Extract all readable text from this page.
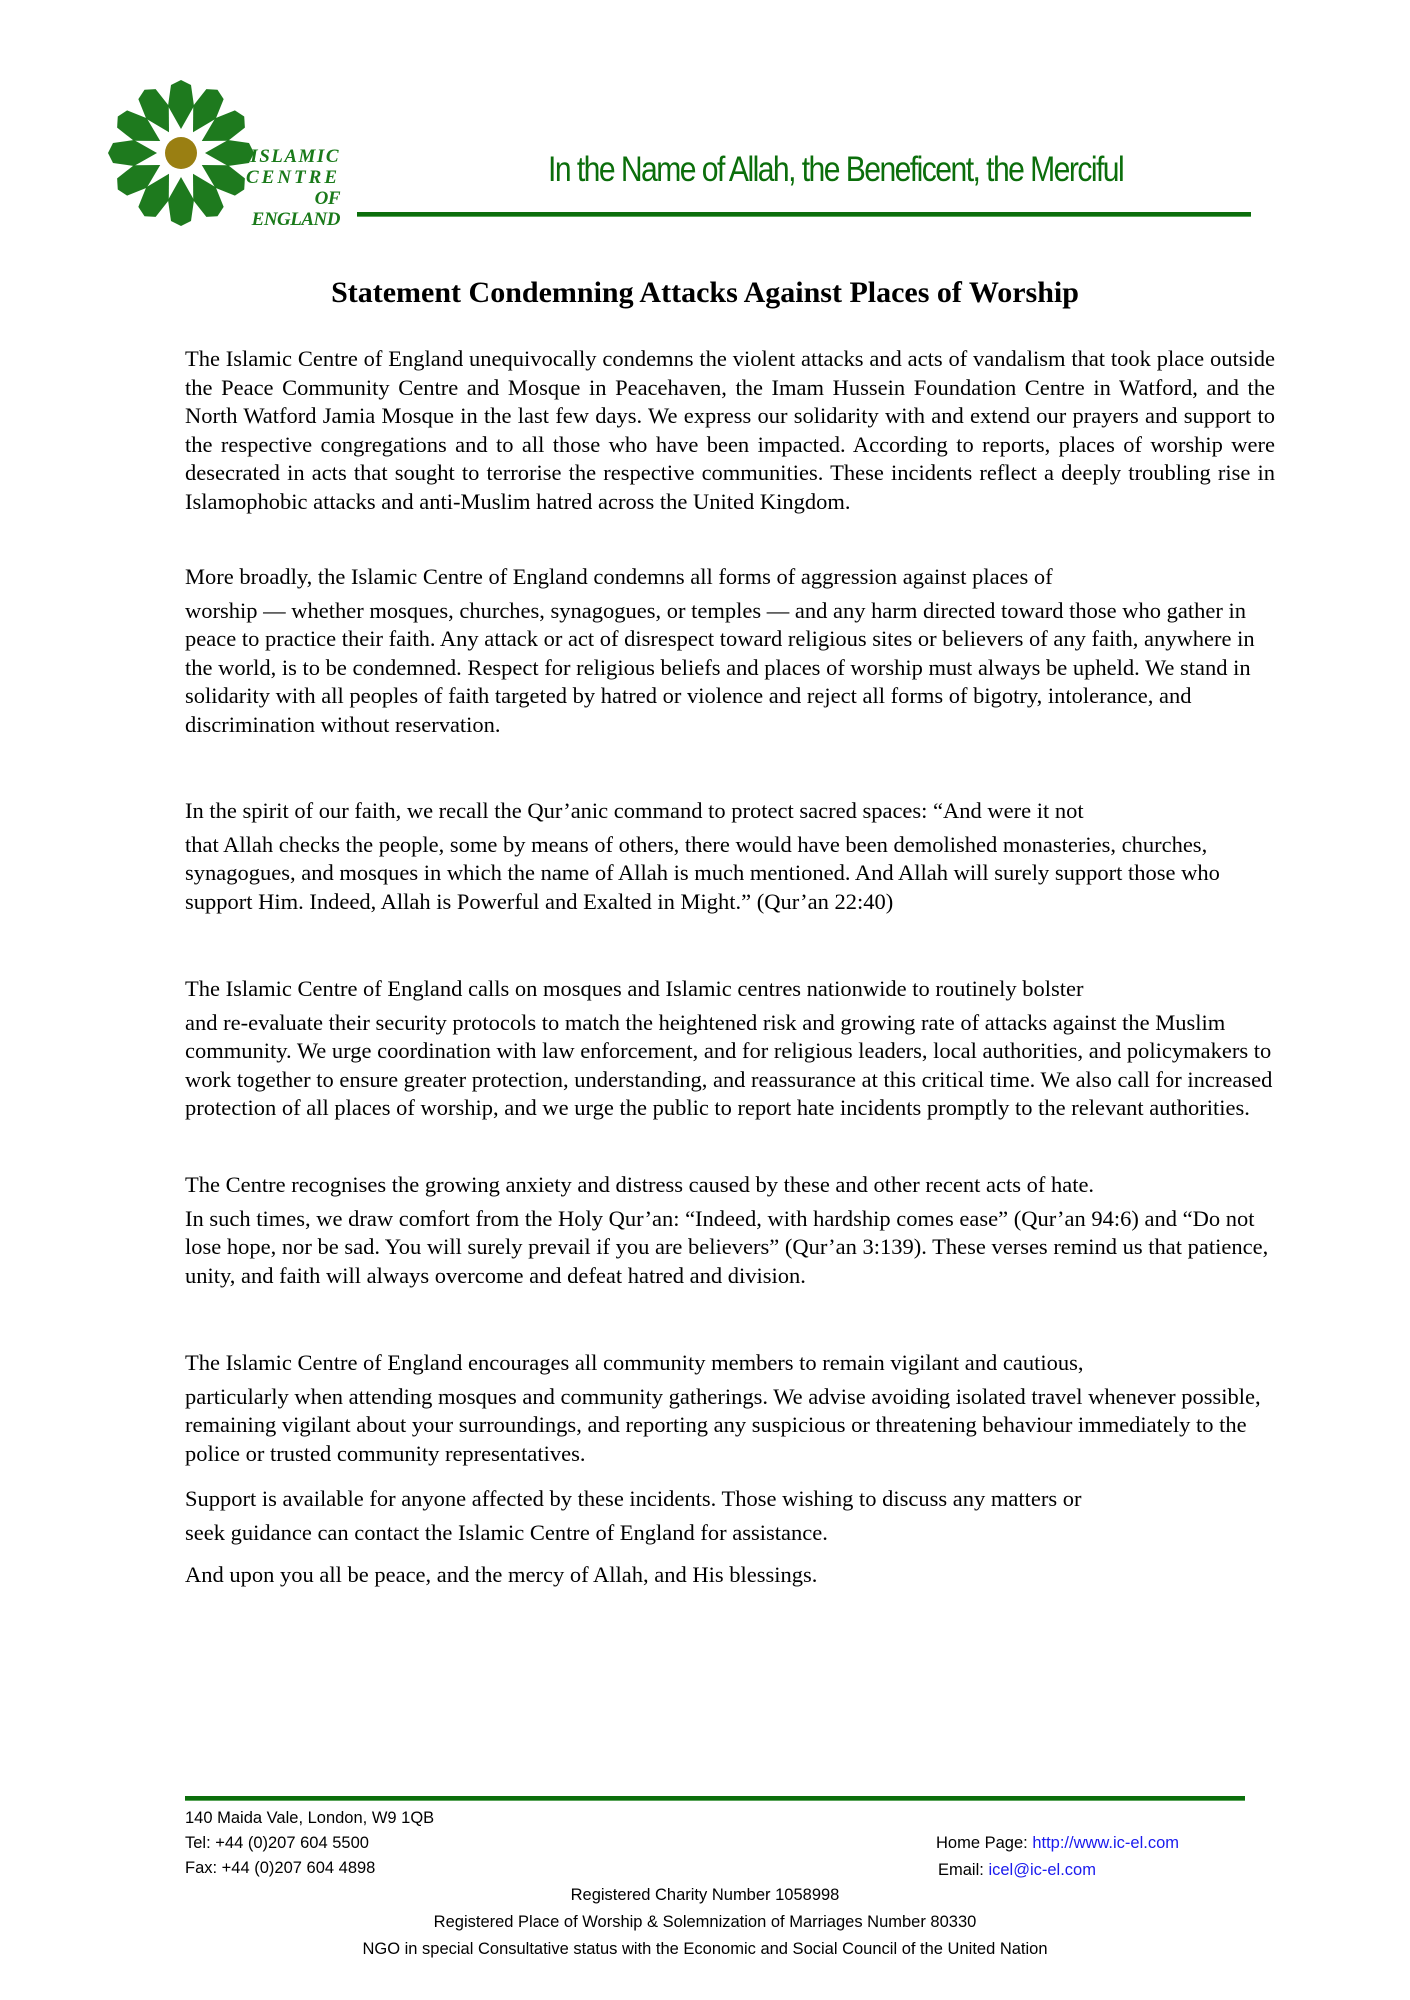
ISLAMIC
CENTRE
OF ENGLAND
In the Name of Allah, the Beneficent, the Merciful
Statement Condemning Attacks Against Places of Worship

The Islamic Centre of England unequivocally condemns the violent attacks and acts of vandalism that took place outside the Peace Community Centre and Mosque in Peacehaven, the Imam Hussein Foundation Centre in Watford, and the North Watford Jamia Mosque in the last few days. We express our solidarity with and extend our prayers and support to the respective congregations and to all those who have been impacted. According to reports, places of worship were desecrated in acts that sought to terrorise the respective communities. These incidents reflect a deeply troubling rise in Islamophobic attacks and anti-Muslim hatred across the United Kingdom.

More broadly, the Islamic Centre of England condemns all forms of aggression against places of

worship — whether mosques, churches, synagogues, or temples — and any harm directed toward those who gather in peace to practice their faith. Any attack or act of disrespect toward religious sites or believers of any faith, anywhere in the world, is to be condemned. Respect for religious beliefs and places of worship must always be upheld. We stand in solidarity with all peoples of faith targeted by hatred or violence and reject all forms of bigotry, intolerance, and discrimination without reservation.

In the spirit of our faith, we recall the Qur’anic command to protect sacred spaces: “And were it not

that Allah checks the people, some by means of others, there would have been demolished monasteries, churches, synagogues, and mosques in which the name of Allah is much mentioned. And Allah will surely support those who support Him. Indeed, Allah is Powerful and Exalted in Might.” (Qur’an 22:40)

The Islamic Centre of England calls on mosques and Islamic centres nationwide to routinely bolster

and re-evaluate their security protocols to match the heightened risk and growing rate of attacks against the Muslim community. We urge coordination with law enforcement, and for religious leaders, local authorities, and policymakers to work together to ensure greater protection, understanding, and reassurance at this critical time. We also call for increased protection of all places of worship, and we urge the public to report hate incidents promptly to the relevant authorities.

The Centre recognises the growing anxiety and distress caused by these and other recent acts of hate.

In such times, we draw comfort from the Holy Qur’an: “Indeed, with hardship comes ease” (Qur’an 94:6) and “Do not lose hope, nor be sad. You will surely prevail if you are believers” (Qur’an 3:139). These verses remind us that patience, unity, and faith will always overcome and defeat hatred and division.

The Islamic Centre of England encourages all community members to remain vigilant and cautious,

particularly when attending mosques and community gatherings. We advise avoiding isolated travel whenever possible, remaining vigilant about your surroundings, and reporting any suspicious or threatening behaviour immediately to the police or trusted community representatives.

Support is available for anyone affected by these incidents. Those wishing to discuss any matters or

seek guidance can contact the Islamic Centre of England for assistance.

And upon you all be peace, and the mercy of Allah, and His blessings.

140 Maida Vale, London, W9 1QB
Tel: +44 (0)207 604 5500
Fax: +44 (0)207 604 4898
Home Page: http://www.ic-el.com
Email: icel@ic-el.com
Registered Charity Number 1058998
Registered Place of Worship & Solemnization of Marriages Number 80330
NGO in special Consultative status with the Economic and Social Council of the United Nation
